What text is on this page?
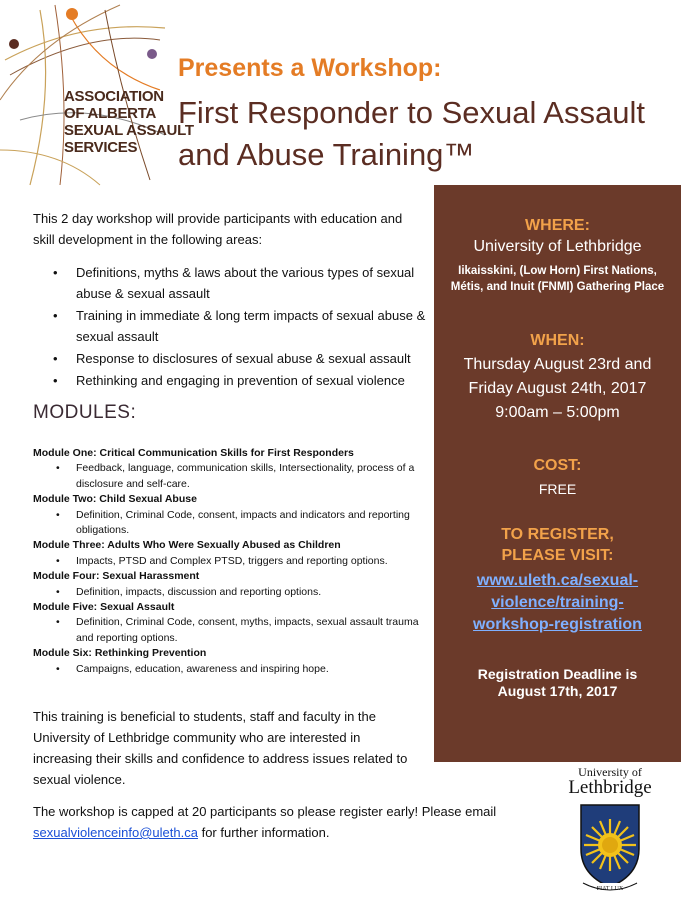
ASSOCIATION
OF ALBERTA
SEXUAL ASSAULT
SERVICES
Presents a Workshop:
First Responder to Sexual Assault
and Abuse Training™
WHERE:
University of Lethbridge
Iikaisskini, (Low Horn) First Nations, Métis, and Inuit (FNMI) Gathering Place
WHEN:
Thursday August 23rd and
Friday August 24th, 2017
9:00am – 5:00pm
COST:
FREE
TO REGISTER,
PLEASE VISIT:
www.uleth.ca/sexual-violence/training-workshop-registration
Registration Deadline is
August 17th, 2017
This 2 day workshop will provide participants with education and skill development in the following areas:
• Definitions, myths & laws about the various types of sexual abuse & sexual assault
• Training in immediate & long term impacts of sexual abuse & sexual assault
• Response to disclosures of sexual abuse & sexual assault
• Rethinking and engaging in prevention of sexual violence
MODULES:
Module One: Critical Communication Skills for First Responders
• Feedback, language, communication skills, Intersectionality, process of a disclosure and self-care.
Module Two: Child Sexual Abuse
• Definition, Criminal Code, consent, impacts and indicators and reporting obligations.
Module Three: Adults Who Were Sexually Abused as Children
• Impacts, PTSD and Complex PTSD, triggers and reporting options.
Module Four: Sexual Harassment
• Definition, impacts, discussion and reporting options.
Module Five: Sexual Assault
• Definition, Criminal Code, consent, myths, impacts, sexual assault trauma and reporting options.
Module Six: Rethinking Prevention
• Campaigns, education, awareness and inspiring hope.
This training is beneficial to students, staff and faculty in the University of Lethbridge community who are interested in increasing their skills and confidence to address issues related to sexual violence.
The workshop is capped at 20 participants so please register early! Please email
sexualviolenceinfo@uleth.ca for further information.
University of
Lethbridge
FIAT LUX
